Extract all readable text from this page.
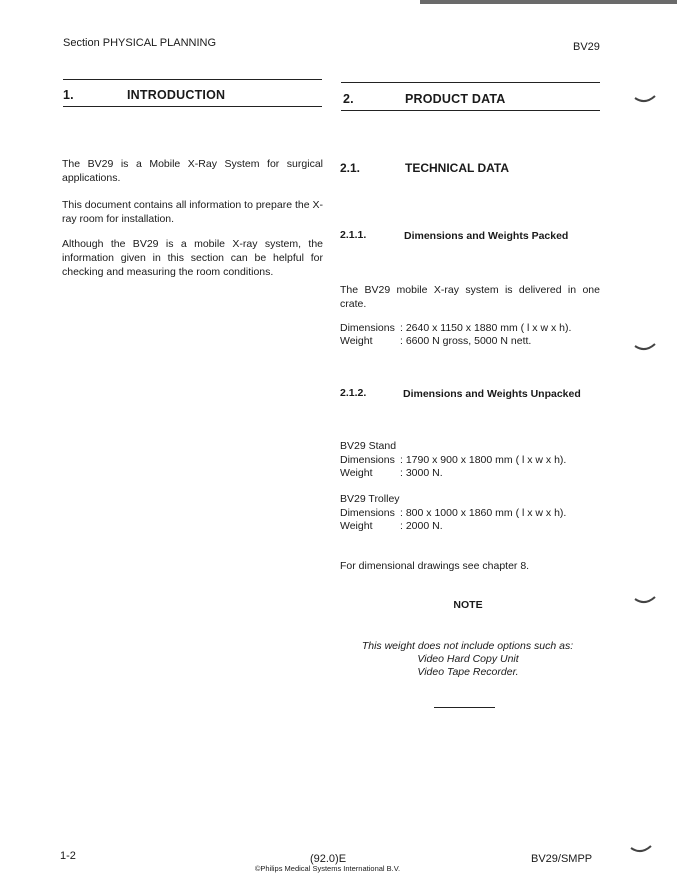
Section PHYSICAL PLANNING	BV29
1.	INTRODUCTION
The BV29 is a Mobile X-Ray System for surgical applications.
This document contains all information to prepare the X-ray room for installation.
Although the BV29 is a mobile X-ray system, the information given in this section can be helpful for checking and measuring the room conditions.
2.	PRODUCT DATA
2.1.	TECHNICAL DATA
2.1.1.	Dimensions and Weights Packed
The BV29 mobile X-ray system is delivered in one crate.
Dimensions : 2640 x 1150 x 1880 mm ( l x w x h).
Weight	: 6600 N gross, 5000 N nett.
2.1.2.	Dimensions and Weights Unpacked
BV29 Stand
Dimensions : 1790 x 900 x 1800 mm ( l x w x h).
Weight	: 3000 N.
BV29 Trolley
Dimensions : 800 x 1000 x 1860 mm ( l x w x h).
Weight	: 2000 N.
For dimensional drawings see chapter 8.
NOTE
This weight does not include options such as:
Video Hard Copy Unit
Video Tape Recorder.
1-2	(92.0)E
©Philips Medical Systems International B.V.
BV29/SMPP
